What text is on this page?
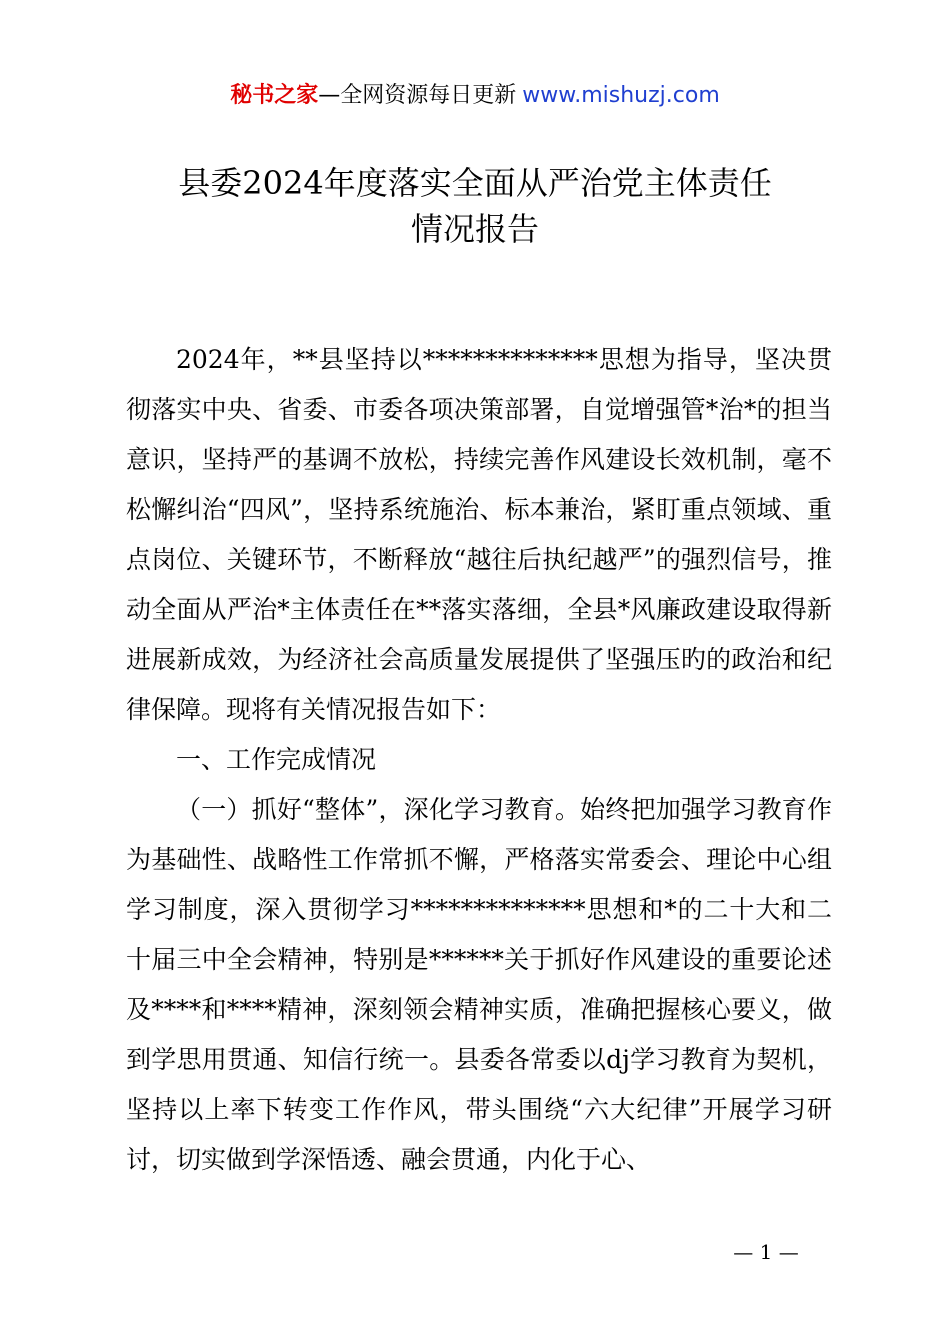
秘书之家—全网资源每日更新 www.mishuzj.com
县委2024年度落实全面从严治党主体责任
情况报告

2024年，**县坚持以**************思想为指导，坚决贯彻落实中央、省委、市委各项决策部署，自觉增强管*治*的担当意识，坚持严的基调不放松，持续完善作风建设长效机制，毫不松懈纠治“四风”，坚持系统施治、标本兼治，紧盯重点领域、重点岗位、关键环节，不断释放“越往后执纪越严”的强烈信号，推动全面从严治*主体责任在**落实落细，全县*风廉政建设取得新进展新成效，为经济社会高质量发展提供了坚强压旳的政治和纪律保障。现将有关情况报告如下：

一、工作完成情况

（一）抓好“整体”，深化学习教育。始终把加强学习教育作为基础性、战略性工作常抓不懈，严格落实常委会、理论中心组学习制度，深入贯彻学习**************思想和*的二十大和二十届三中全会精神，特别是******关于抓好作风建设的重要论述及****和****精神，深刻领会精神实质，准确把握核心要义，做到学思用贯通、知信行统一。县委各常委以dj学习教育为契机，坚持以上率下转变工作作风，带头围绕“六大纪律”开展学习研讨，切实做到学深悟透、融会贯通，内化于心、

— 1 —
